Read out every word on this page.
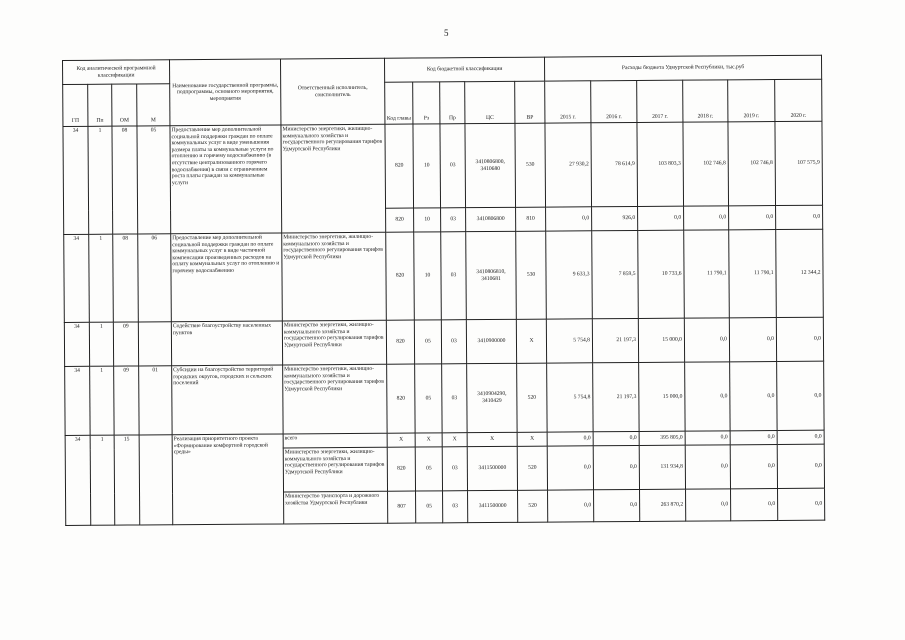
5
Код аналитической программной классификации				Наименование государственной программы, подпрограммы, основного мероприятия, мероприятия	Ответственный исполнитель, соисполнитель	Код бюджетной классификации					Расходы бюджета Удмуртской Республики, тыс.руб					
ГП	Пп	ОМ	М			Код главы	Рз	Пр	ЦС	ВР	2015 г.	2016 г.	2017 г.	2018 г.	2019 г.	2020 г.
34	1	08	05	Предоставление мер дополнительной социальной поддержки граждан по оплате коммунальных услуг в виде уменьшения размера платы за коммунальные услуги по отоплению и горячему водоснабжению (в отсутствие централизованного горячего водоснабжения) в связи с ограничением роста платы граждан за коммунальные услуги	Министерство энергетики, жилищно-коммунального хозяйства и государственного регулирования тарифов Удмуртской Республики	820	10	03	3410806800, 3410680	530	27 930,2	78 614,9	103 803,3	102 746,8	102 746,8	107 575,9
						820	10	03	3410806800	810	0,0	926,0	0,0	0,0	0,0	0,0
34	1	08	06	Предоставление мер дополнительной социальной поддержки граждан по оплате коммунальных услуг в виде частичной компенсации произведенных расходов на оплату коммунальных услуг по отоплению и горячему водоснабжению	Министерство энергетики, жилищно-коммунального хозяйства и государственного регулирования тарифов Удмуртской Республики	820	10	03	3410806810, 3410681	530	9 633,3	7 859,5	10 733,6	11 790,1	11 790,1	12 344,2
34	1	09		Содействие благоустройству населенных пунктов	Министерство энергетики, жилищно-коммунального хозяйства и государственного регулирования тарифов Удмуртской Республики	820	05	03	3410900000	Х	5 754,8	21 197,3	15 000,0	0,0	0,0	0,0
34	1	09	01	Субсидии на благоустройство территорий городских округов, городских и сельских поселений	Министерство энергетики, жилищно-коммунального хозяйства и государственного регулирования тарифов Удмуртской Республики	820	05	03	3410904290, 3410429	520	5 754,8	21 197,3	15 000,0	0,0	0,0	0,0
34	1	15		Реализация приоритетного проекта «Формирование комфортной городской среды»	всего	Х	Х	Х	Х	Х	0,0	0,0	395 805,0	0,0	0,0	0,0
					Министерство энергетики, жилищно-коммунального хозяйства и государственного регулирования тарифов Удмуртской Республики	820	05	03	3411500000	520	0,0	0,0	131 934,8	0,0	0,0	0,0
					Министерство транспорта и дорожного хозяйства Удмуртской Республики	807	05	03	3411500000	520	0,0	0,0	263 870,2	0,0	0,0	0,0
